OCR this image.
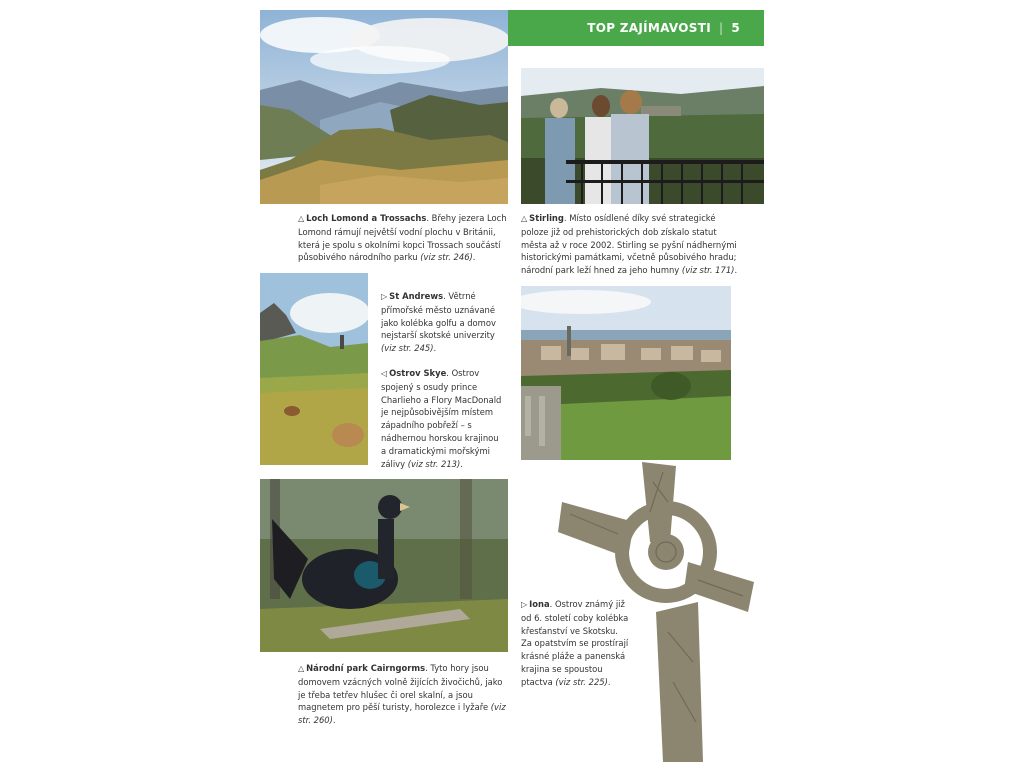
TOP ZAJÍMAVOSTI | 5
△ Loch Lomond a Trossachs. Břehy jezera Loch Lomond rámují největší vodní plochu v Británii, která je spolu s okolními kopci Trossach součástí působivého národního parku (viz str. 246).
△ Stirling. Místo osídlené díky své strategické poloze již od prehistorických dob získalo statut města až v roce 2002. Stirling se pyšní nádhernými historickými památkami, včetně působivého hradu; národní park leží hned za jeho humny (viz str. 171).
▷ St Andrews. Větrné přímořské město uznávané jako kolébka golfu a domov nejstarší skotské univerzity (viz str. 245).
◁ Ostrov Skye. Ostrov spojený s osudy prince Charlieho a Flory MacDonald je nejpůsobivějším místem západního pobřeží – s nádhernou horskou krajinou a dramatickými mořskými zálivy (viz str. 213).
△ Národní park Cairngorms. Tyto hory jsou domovem vzácných volně žijících živočichů, jako je třeba tetřev hlušec či orel skalní, a jsou magnetem pro pěší turisty, horolezce i lyžaře (viz str. 260).
▷ Iona. Ostrov známý již od 6. století coby kolébka křesťanství ve Skotsku. Za opatstvím se prostírají krásné pláže a panenská krajina se spoustou ptactva (viz str. 225).
